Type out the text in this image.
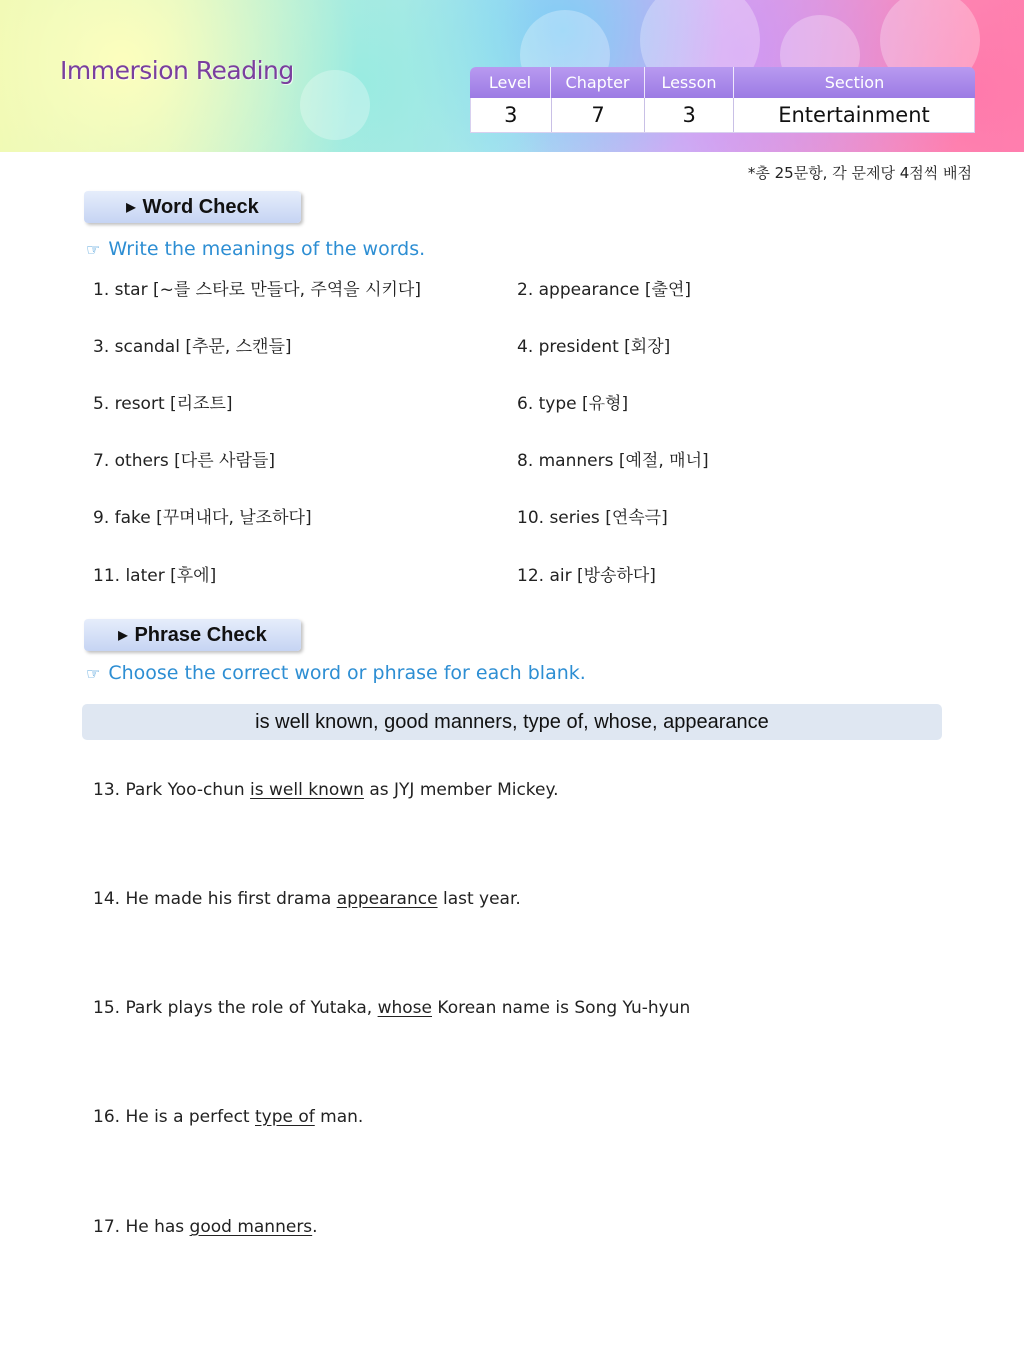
Immersion Reading	Level	Chapter	Lesson	Section
3	7	3	Entertainment
*총 25문항, 각 문제당 4점씩 배점
▶ Word Check
☞ Write the meanings of the words.
1. star [~를 스타로 만들다, 주역을 시키다]	2. appearance [출연]
3. scandal [추문, 스캔들]	4. president [회장]
5. resort [리조트]	6. type [유형]
7. others [다른 사람들]	8. manners [예절, 매너]
9. fake [꾸며내다, 날조하다]	10. series [연속극]
11. later [후에]	12. air [방송하다]
▶ Phrase Check
☞ Choose the correct word or phrase for each blank.
is well known, good manners, type of, whose, appearance
13. Park Yoo-chun is well known as JYJ member Mickey.
14. He made his first drama appearance last year.
15. Park plays the role of Yutaka, whose Korean name is Song Yu-hyun
16. He is a perfect type of man.
17. He has good manners.
